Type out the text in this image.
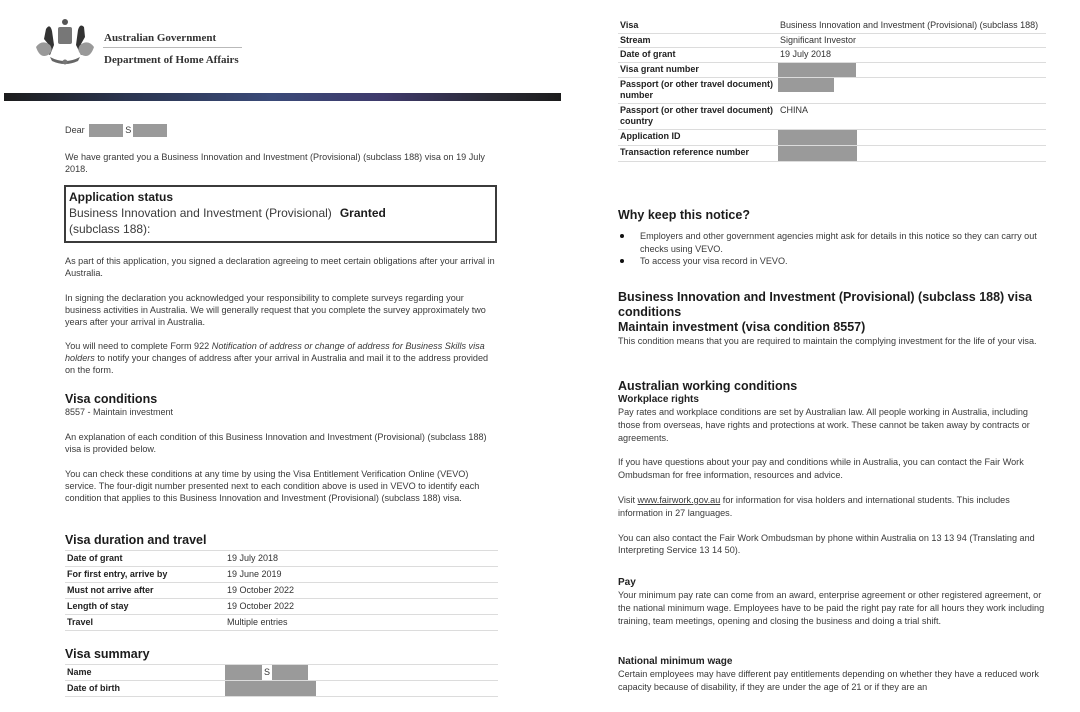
Australian Government
Department of Home Affairs
Dear	S

We have granted you a Business Innovation and Investment (Provisional) (subclass 188) visa on 19 July 2018.

Application status
Business Innovation and Investment (Provisional) Granted
(subclass 188):

As part of this application, you signed a declaration agreeing to meet certain obligations after your arrival in Australia.

In signing the declaration you acknowledged your responsibility to complete surveys regarding your business activities in Australia. We will generally request that you complete the survey approximately two years after your arrival in Australia.

You will need to complete Form 922 Notification of address or change of address for Business Skills visa holders to notify your changes of address after your arrival in Australia and mail it to the address provided on the form.

Visa conditions
8557 - Maintain investment

An explanation of each condition of this Business Innovation and Investment (Provisional) (subclass 188) visa is provided below.

You can check these conditions at any time by using the Visa Entitlement Verification Online (VEVO) service. The four-digit number presented next to each condition above is used in VEVO to identify each condition that applies to this Business Innovation and Investment (Provisional) (subclass 188) visa.

Visa duration and travel
Date of grant	19 July 2018
For first entry, arrive by	19 June 2019
Must not arrive after	19 October 2022
Length of stay	19 October 2022
Travel	Multiple entries
Visa summary
Name	S
Date of birth	
Visa	Business Innovation and Investment (Provisional) (subclass 188)
Stream	Significant Investor
Date of grant	19 July 2018
Visa grant number	
Passport (or other travel document) number	
Passport (or other travel document) country	CHINA
Application ID	
Transaction reference number	
Why keep this notice?
Employers and other government agencies might ask for details in this notice so they can carry out checks using VEVO.
To access your visa record in VEVO.
Business Innovation and Investment (Provisional) (subclass 188) visa conditions
Maintain investment (visa condition 8557)

This condition means that you are required to maintain the complying investment for the life of your visa.

Australian working conditions
Workplace rights

Pay rates and workplace conditions are set by Australian law. All people working in Australia, including those from overseas, have rights and protections at work. These cannot be taken away by contracts or agreements.

If you have questions about your pay and conditions while in Australia, you can contact the Fair Work Ombudsman for free information, resources and advice.

Visit www.fairwork.gov.au for information for visa holders and international students. This includes information in 27 languages.

You can also contact the Fair Work Ombudsman by phone within Australia on 13 13 94 (Translating and Interpreting Service 13 14 50).

Pay

Your minimum pay rate can come from an award, enterprise agreement or other registered agreement, or the national minimum wage. Employees have to be paid the right pay rate for all hours they work including training, team meetings, opening and closing the business and doing a trial shift.

National minimum wage

Certain employees may have different pay entitlements depending on whether they have a reduced work capacity because of disability, if they are under the age of 21 or if they are an
